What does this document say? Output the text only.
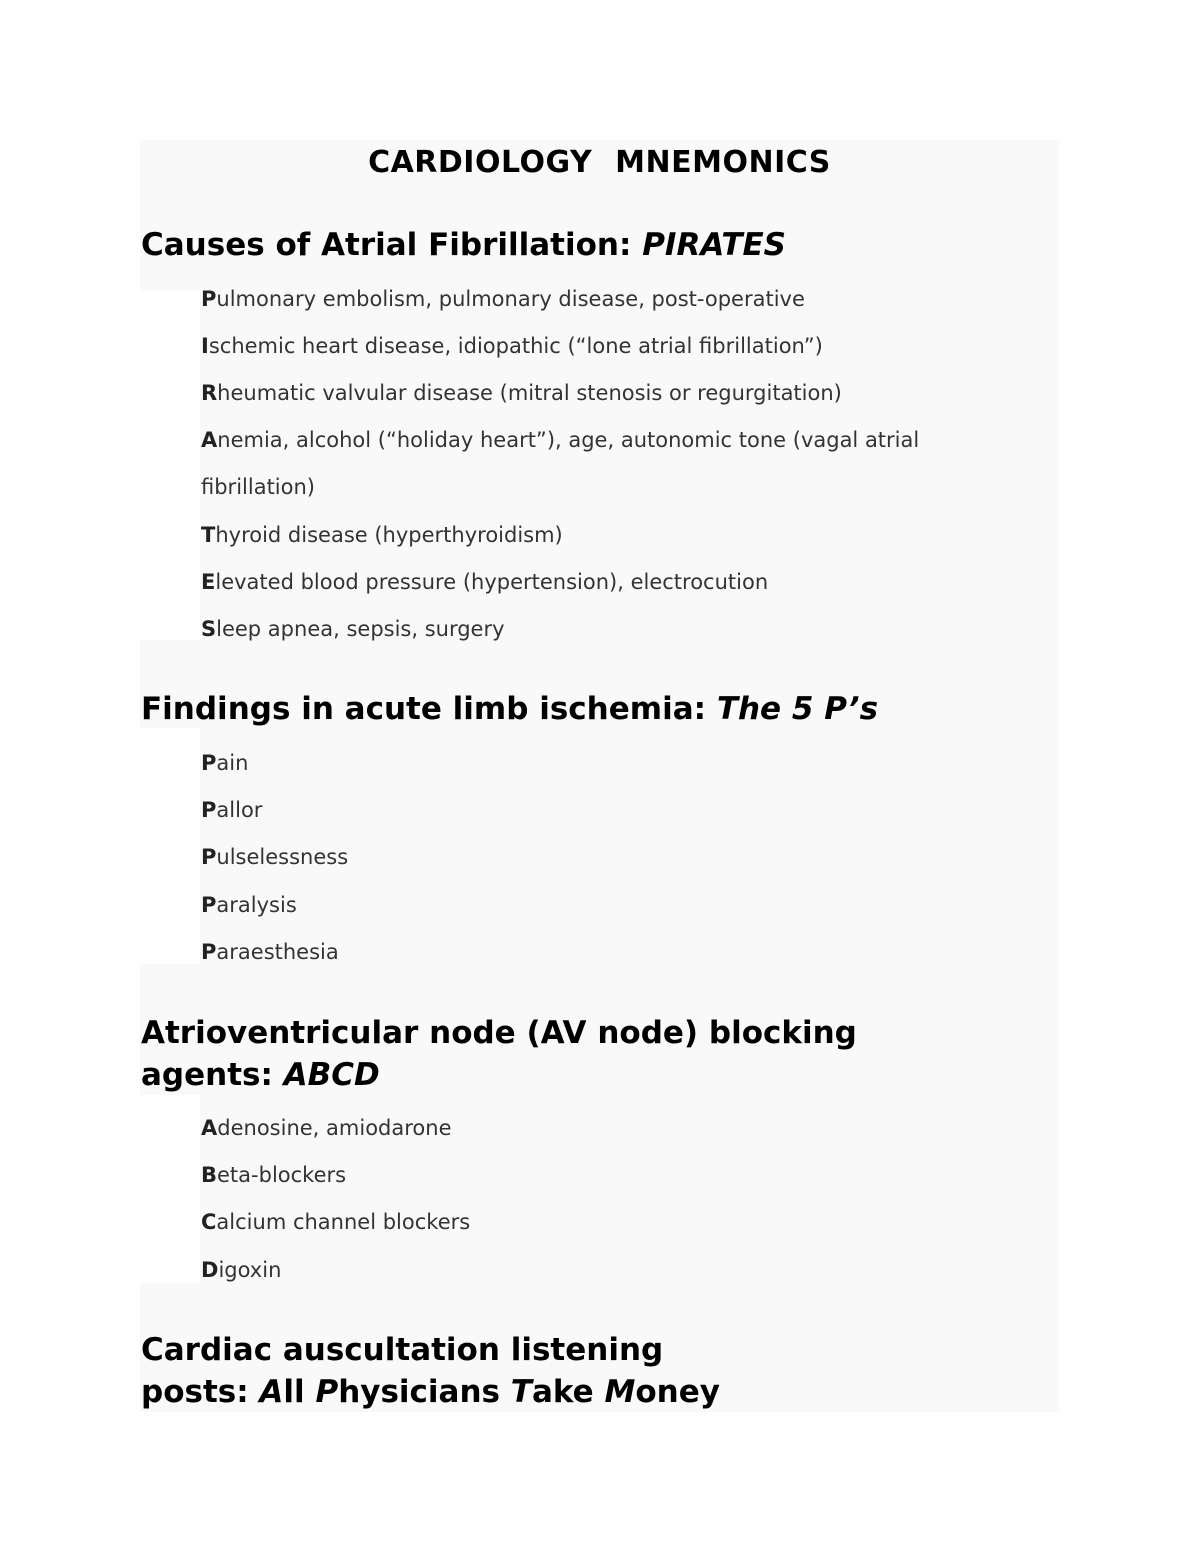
CARDIOLOGY MNEMONICS
Causes of Atrial Fibrillation: PIRATES
Pulmonary embolism, pulmonary disease, post-operative
Ischemic heart disease, idiopathic (“lone atrial fibrillation”)
Rheumatic valvular disease (mitral stenosis or regurgitation)
Anemia, alcohol (“holiday heart”), age, autonomic tone (vagal atrial fibrillation)
Thyroid disease (hyperthyroidism)
Elevated blood pressure (hypertension), electrocution
Sleep apnea, sepsis, surgery
Findings in acute limb ischemia: The 5 P’s
Pain
Pallor
Pulselessness
Paralysis
Paraesthesia
Atrioventricular node (AV node) blocking
agents: ABCD
Adenosine, amiodarone
Beta-blockers
Calcium channel blockers
Digoxin
Cardiac auscultation listening
posts: All Physicians Take Money
